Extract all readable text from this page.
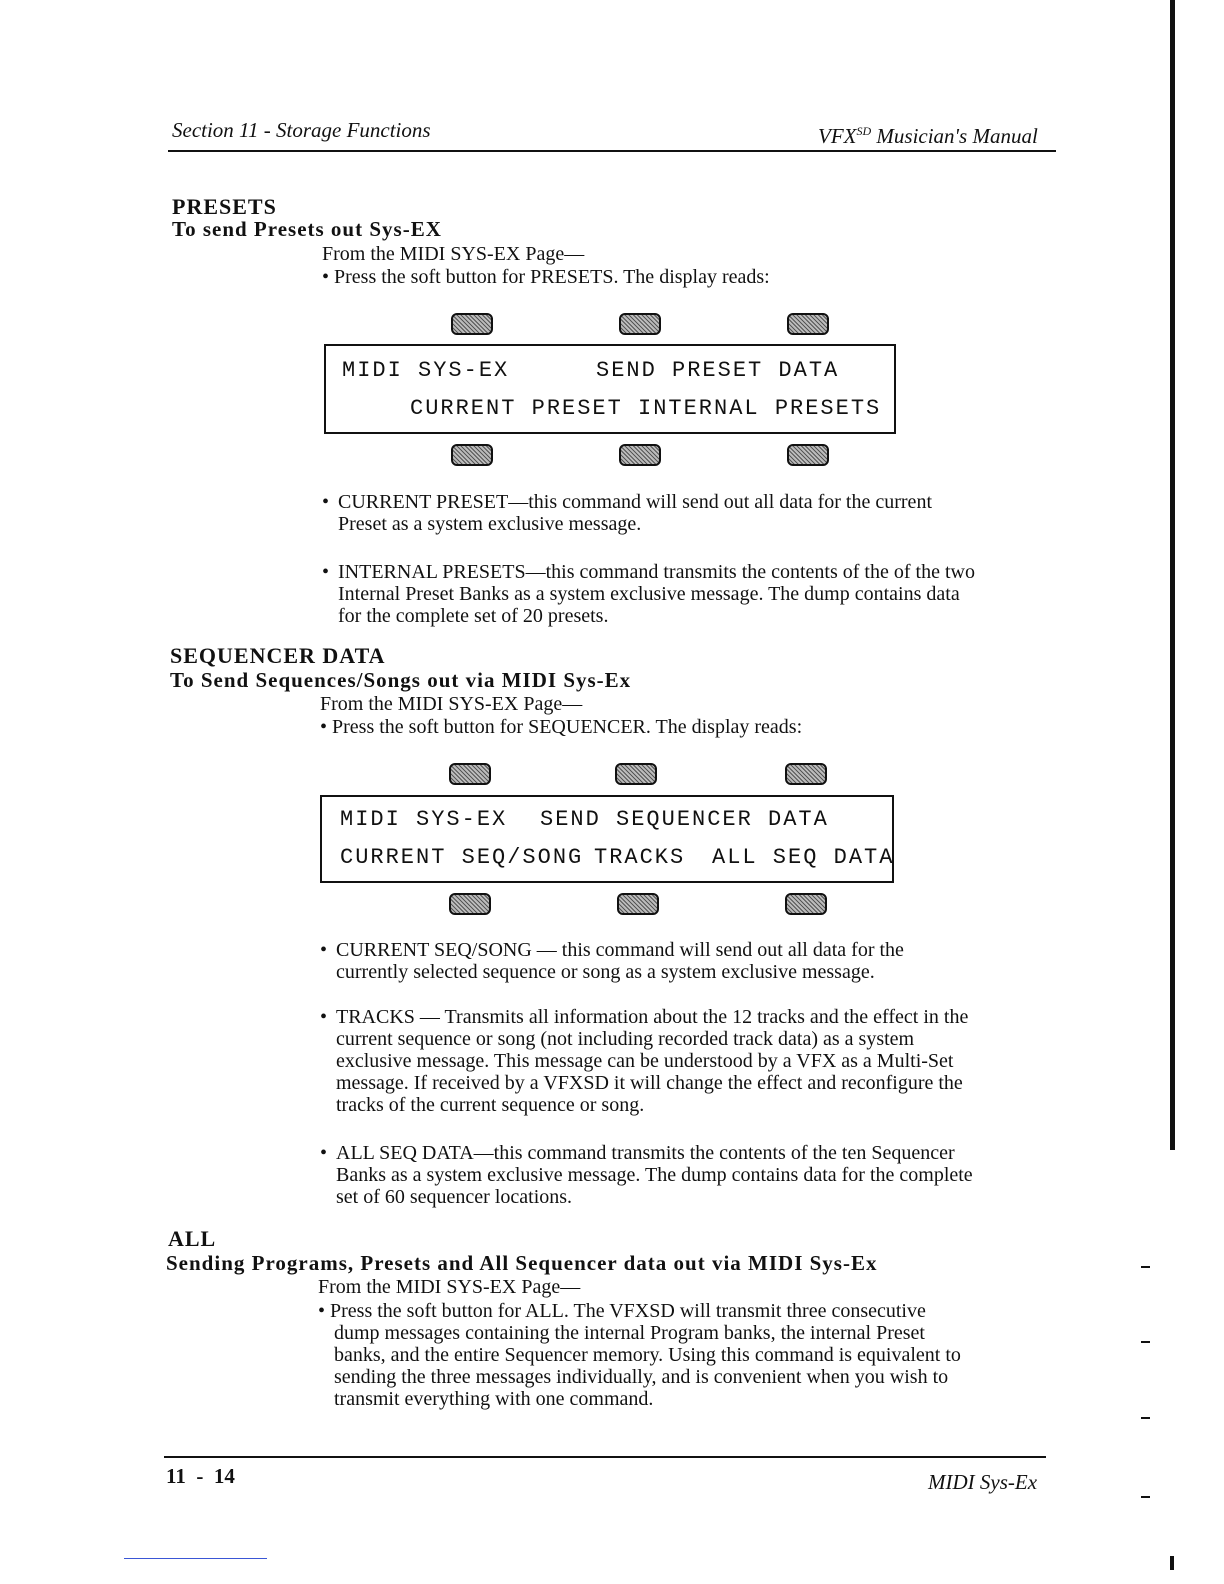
Section 11 - Storage Functions	$VFX^{SD}$ Musician's Manual
PRESETS
To send Presets out Sys-EX
From the MIDI SYS-EX Page—
• Press the soft button for PRESETS. The display reads:
MIDI SYS-EX	SEND PRESET DATA
CURRENT PRESET INTERNAL PRESETS
• CURRENT PRESET—this command will send out all data for the current
Preset as a system exclusive message.
• INTERNAL PRESETS—this command transmits the contents of the of the two
Internal Preset Banks as a system exclusive message. The dump contains data
for the complete set of 20 presets.
SEQUENCER DATA
To Send Sequences/Songs out via MIDI Sys-Ex
From the MIDI SYS-EX Page—
• Press the soft button for SEQUENCER. The display reads:
MIDI SYS-EX SEND SEQUENCER DATA
CURRENT SEQ/SONG TRACKS ALL SEQ DATA
• CURRENT SEQ/SONG — this command will send out all data for the
currently selected sequence or song as a system exclusive message.
• TRACKS — Transmits all information about the 12 tracks and the effect in the
current sequence or song (not including recorded track data) as a system
exclusive message. This message can be understood by a VFX as a Multi-Set
message. If received by a VFXSD it will change the effect and reconfigure the
tracks of the current sequence or song.
• ALL SEQ DATA—this command transmits the contents of the ten Sequencer
Banks as a system exclusive message. The dump contains data for the complete
set of 60 sequencer locations.
ALL
Sending Programs, Presets and All Sequencer data out via MIDI Sys-Ex
From the MIDI SYS-EX Page—
• Press the soft button for ALL. The VFXSD will transmit three consecutive
dump messages containing the internal Program banks, the internal Preset
banks, and the entire Sequencer memory. Using this command is equivalent to
sending the three messages individually, and is convenient when you wish to
transmit everything with one command.
11  -  14	MIDI Sys-Ex
